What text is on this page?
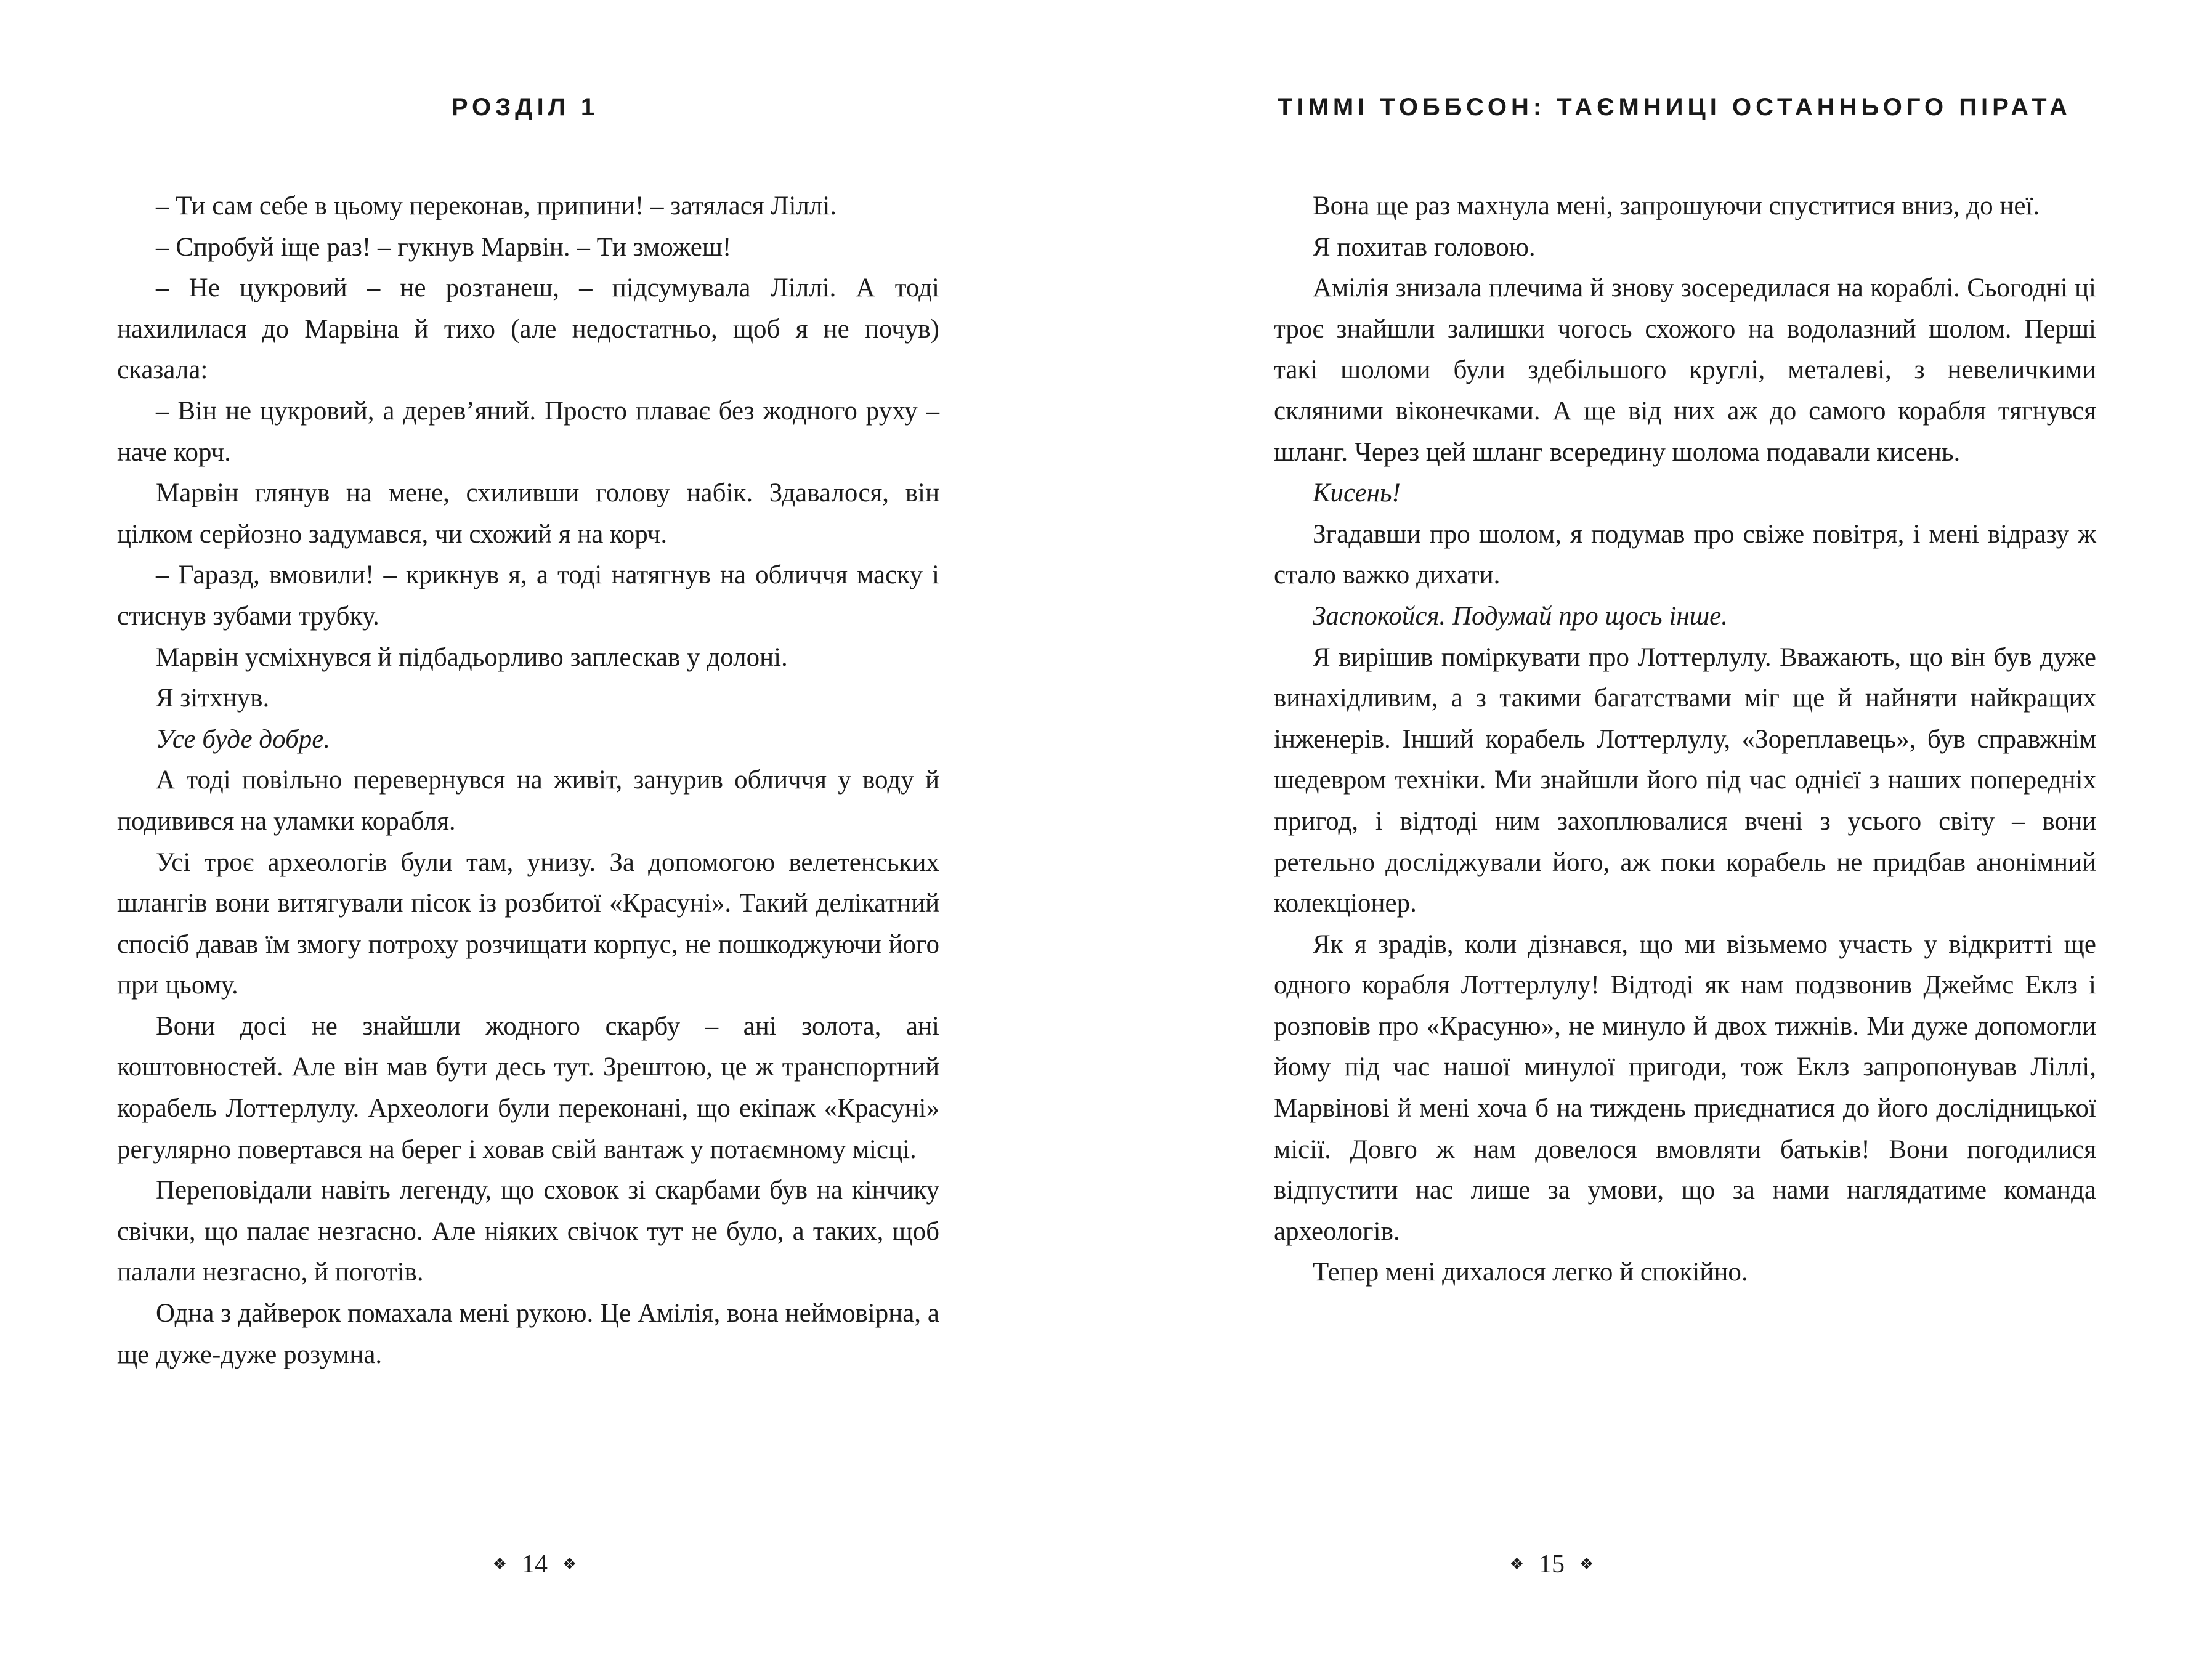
РОЗДІЛ 1

– Ти сам себе в цьому переконав, припини! – затялася Ліллі.

– Спробуй іще раз! – гукнув Марвін. – Ти зможеш!

– Не цукровий – не розтанеш, – підсумувала Ліллі. А тоді нахилилася до Марвіна й тихо (але недостатньо, щоб я не почув) сказала:

– Він не цукровий, а дерев’яний. Просто плаває без жодного руху – наче корч.

Марвін глянув на мене, схиливши голову набік. Здавалося, він цілком серйозно задумався, чи схожий я на корч.

– Гаразд, вмовили! – крикнув я, а тоді натягнув на обличчя маску і стиснув зубами трубку.

Марвін усміхнувся й підбадьорливо заплескав у долоні.

Я зітхнув.

Усе буде добре.

А тоді повільно перевернувся на живіт, занурив обличчя у воду й подивився на уламки корабля.

Усі троє археологів були там, унизу. За допомогою велетенських шлангів вони витягували пісок із розбитої «Красуні». Такий делікатний спосіб давав їм змогу потроху розчищати корпус, не пошкоджуючи його при цьому.

Вони досі не знайшли жодного скарбу – ані золота, ані коштовностей. Але він мав бути десь тут. Зрештою, це ж транспортний корабель Лоттерлулу. Археологи були переконані, що екіпаж «Красуні» регулярно повертався на берег і ховав свій вантаж у потаємному місці.

Переповідали навіть легенду, що сховок зі скарбами був на кінчику свічки, що палає незгасно. Але ніяких свічок тут не було, а таких, щоб палали незгасно, й поготів.

Одна з дайверок помахала мені рукою. Це Амілія, вона неймовірна, а ще дуже-дуже розумна.

❖ 14 ❖
ТІММІ ТОББСОН: ТАЄМНИЦІ ОСТАННЬОГО ПІРАТА

Вона ще раз махнула мені, запрошуючи спуститися вниз, до неї.

Я похитав головою.

Амілія знизала плечима й знову зосередилася на кораблі. Сьогодні ці троє знайшли залишки чогось схожого на водолазний шолом. Перші такі шоломи були здебільшого круглі, металеві, з невеличкими скляними віконечками. А ще від них аж до самого корабля тягнувся шланг. Через цей шланг всередину шолома подавали кисень.

Кисень!

Згадавши про шолом, я подумав про свіже повітря, і мені відразу ж стало важко дихати.

Заспокойся. Подумай про щось інше.

Я вирішив поміркувати про Лоттерлулу. Вважають, що він був дуже винахідливим, а з такими багатствами міг ще й найняти найкращих інженерів. Інший корабель Лоттерлулу, «Зореплавець», був справжнім шедевром техніки. Ми знайшли його під час однієї з наших попередніх пригод, і відтоді ним захоплювалися вчені з усього світу – вони ретельно досліджували його, аж поки корабель не придбав анонімний колекціонер.

Як я зрадів, коли дізнався, що ми візьмемо участь у відкритті ще одного корабля Лоттерлулу! Відтоді як нам подзвонив Джеймс Еклз і розповів про «Красуню», не минуло й двох тижнів. Ми дуже допомогли йому під час нашої минулої пригоди, тож Еклз запропонував Ліллі, Марвінові й мені хоча б на тиждень приєднатися до його дослідницької місії. Довго ж нам довелося вмовляти батьків! Вони погодилися відпустити нас лише за умови, що за нами наглядатиме команда археологів.

Тепер мені дихалося легко й спокійно.

❖ 15 ❖
